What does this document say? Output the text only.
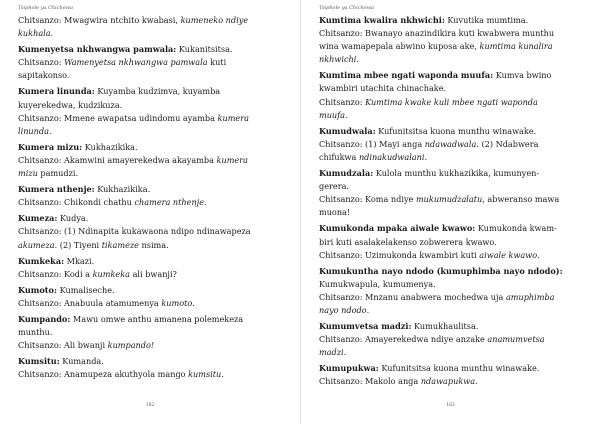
Tsiphole ya Chichewa
Chitsanzo: Mwagwira ntchito kwabasi, kumeneko ndiye
kukhala.
Kumenyetsa nkhwangwa pamwala: Kukanitsitsa.
Chitsanzo: Wamenyetsa nkhwangwa pamwala kuti
sapitakonso.
Kumera linunda: Kuyamba kudzimva, kuyamba
kuyerekedwa, kudzikuza.
Chitsanzo: Mmene awapatsa udindomu ayamba kumera
linunda.
Kumera mizu: Kukhazikika.
Chitsanzo: Akamwini amayerekedwa akayamba kumera
mizu pamudzi.
Kumera nthenje: Kukhazikika.
Chitsanzo: Chikondi chathu chamera nthenje.
Kumeza: Kudya.
Chitsanzo: (1) Ndinapita kukawaona ndipo ndinawapeza
akumeza. (2) Tiyeni tikameze nsima.
Kumkeka: Mkazi.
Chitsanzo: Kodi a kumkeka ali bwanji?
Kumoto: Kumaliseche.
Chitsanzo: Anabuula atamumenya kumoto.
Kumpando: Mawu omwe anthu amanena polemekeza
munthu.
Chitsanzo: Ali bwanji kumpando!
Kumsitu: Kumanda.
Chitsanzo: Anamupeza akuthyola mango kumsitu.
162
Tsiphole ya Chichewa
Kumtima kwalira nkhwichi: Kuvutika mumtima.
Chitsanzo: Bwanayo anazindikira kuti kwabwera munthu
wina wamapepala abwino kuposa ake, kumtima kunalira
nkhwichi.
Kumtima mbee ngati waponda muufa: Kumva bwino
kwambiri utachita chinachake.
Chitsanzo: Kumtima kwake kuli mbee ngati waponda
muufa.
Kumudwala: Kufunitsitsa kuona munthu winawake.
Chitsanzo: (1) Mayi anga ndawadwala. (2) Ndabwera
chifukwa ndinakudwalani.
Kumudzala: Kulola munthu kukhazikika, kumunyen-
gerera.
Chitsanzo: Koma ndiye mukumudzalatu, abweranso mawa
muona!
Kumukonda mpaka aiwale kwawo: Kumukonda kwam-
biri kuti asalakelakenso zobwerera kwawo.
Chitsanzo: Uzimukonda kwambiri kuti aiwale kwawo.
Kumukuntha nayo ndodo (kumuphimba nayo ndodo):
Kumukwapula, kumumenya.
Chitsanzo: Mnzanu anabwera mochedwa uja amuphimba
nayo ndodo.
Kumumvetsa madzi: Kumukhaulitsa.
Chitsanzo: Amayerekedwa ndiye anzake anamumvetsa
madzi.
Kumupukwa: Kufunitsitsa kuona munthu winawake.
Chitsanzo: Makolo anga ndawapukwa.
163
